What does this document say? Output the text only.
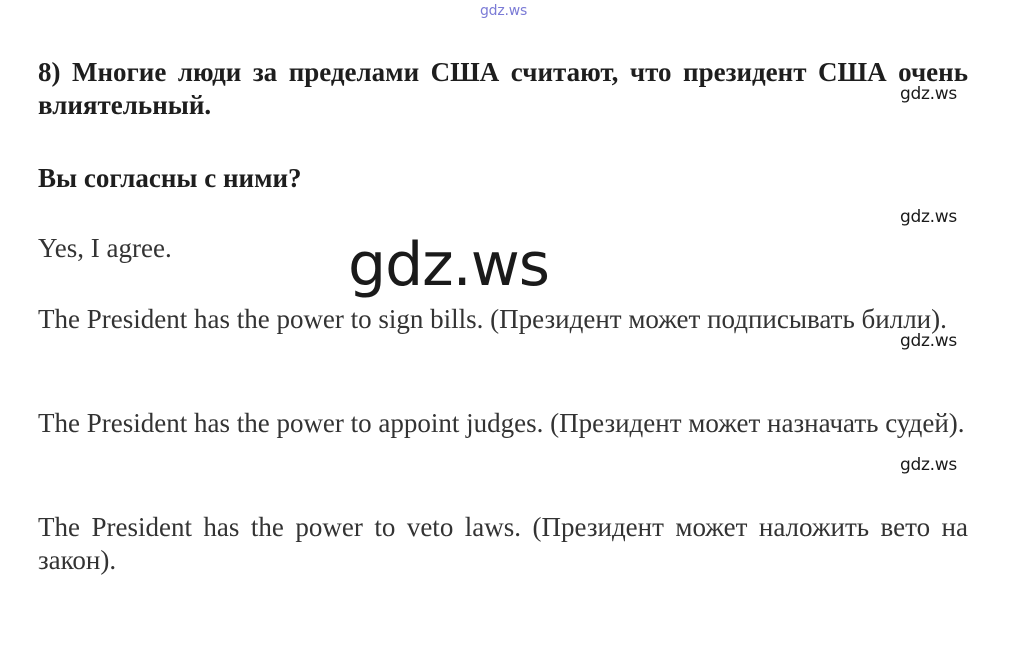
gdz.ws
8) Многие люди за пределами США считают, что президент США очень влиятельный.	gdz.ws
Вы согласны с ними?
gdz.ws
Yes, I agree.	gdz.ws
The President has the power to sign bills. (Президент может подписывать билли).
gdz.ws
The President has the power to appoint judges. (Президент может назначать судей).
gdz.ws
The President has the power to veto laws. (Президент может наложить вето на закон).
